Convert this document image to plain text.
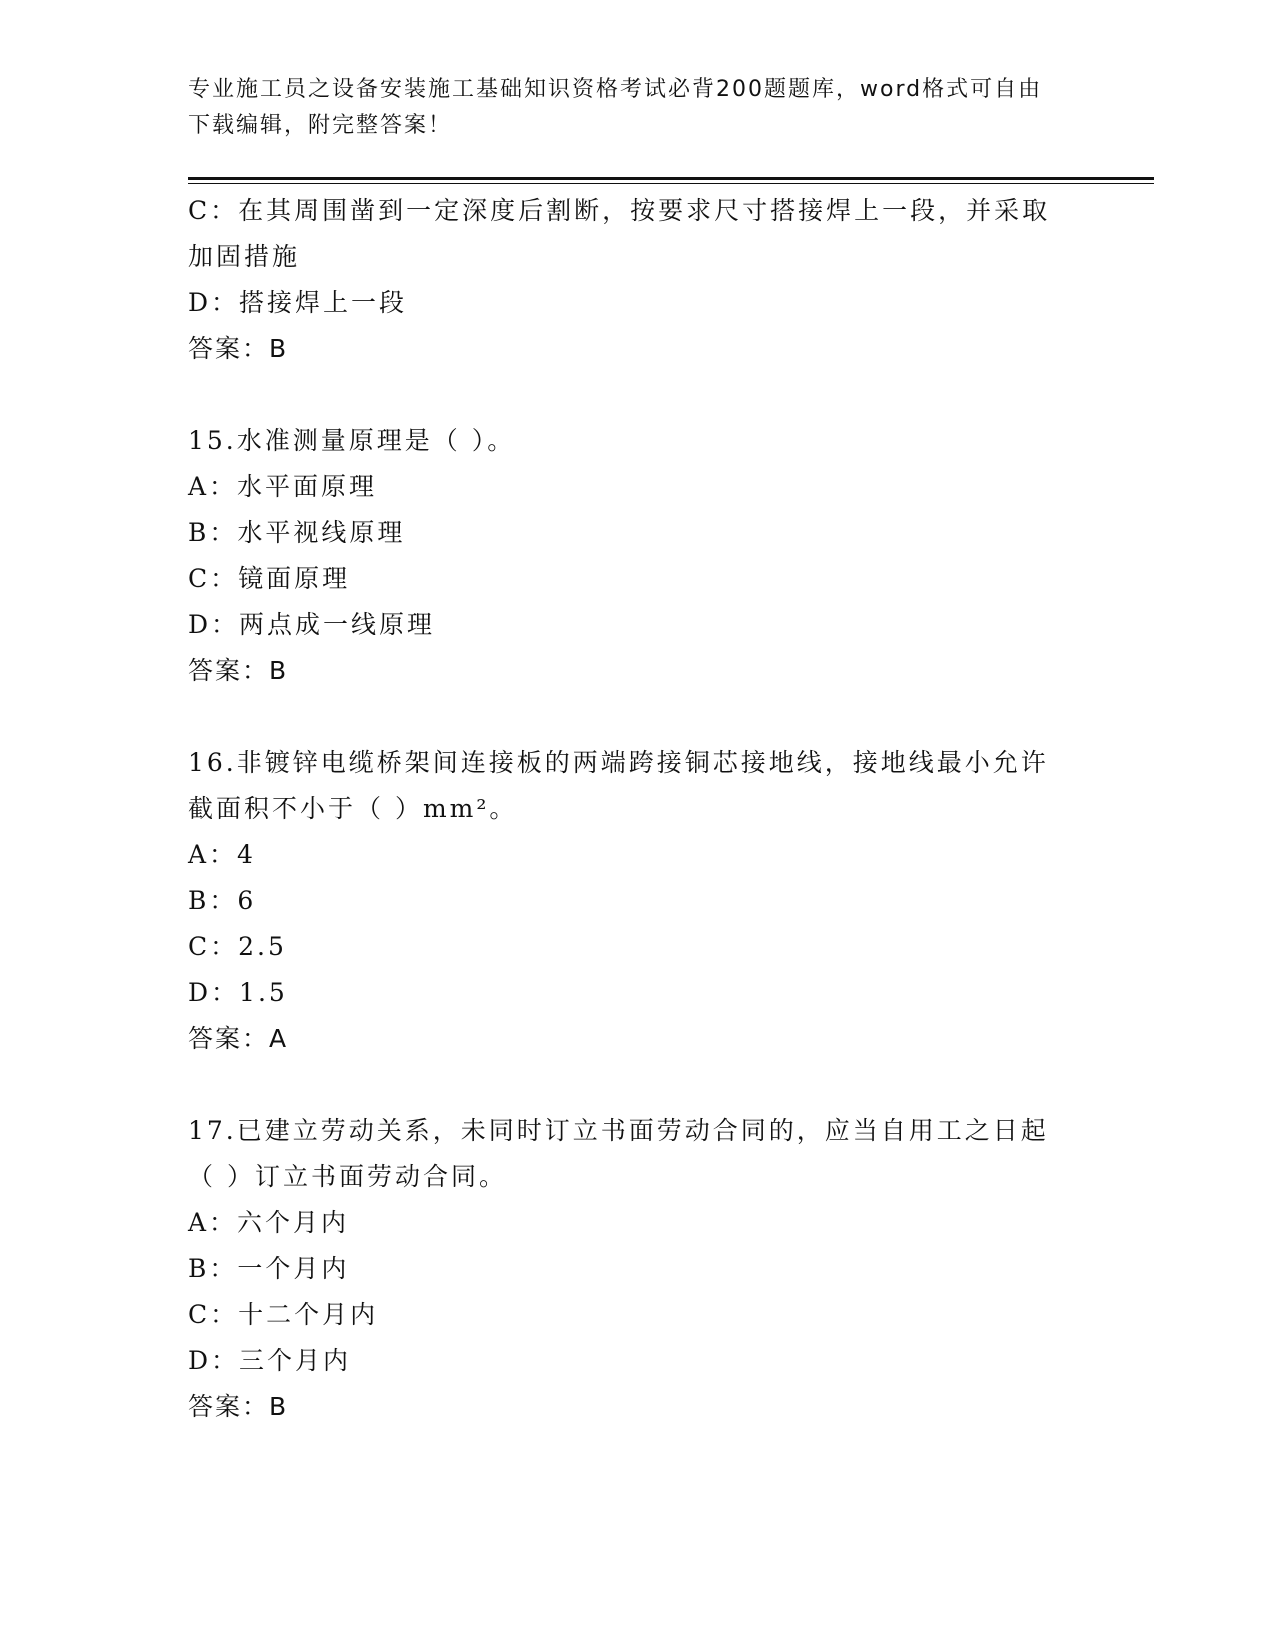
专业施工员之设备安装施工基础知识资格考试必背200题题库，word格式可自由
下载编辑，附完整答案！
C：在其周围凿到一定深度后割断，按要求尺寸搭接焊上一段，并采取
加固措施
D：搭接焊上一段
答案：B
15.水准测量原理是（ ）。
A：水平面原理
B：水平视线原理
C：镜面原理
D：两点成一线原理
答案：B
16.非镀锌电缆桥架间连接板的两端跨接铜芯接地线，接地线最小允许
截面积不小于（ ）mm²。
A：4
B：6
C：2.5
D：1.5
答案：A
17.已建立劳动关系，未同时订立书面劳动合同的，应当自用工之日起
（ ）订立书面劳动合同。
A：六个月内
B：一个月内
C：十二个月内
D：三个月内
答案：B
